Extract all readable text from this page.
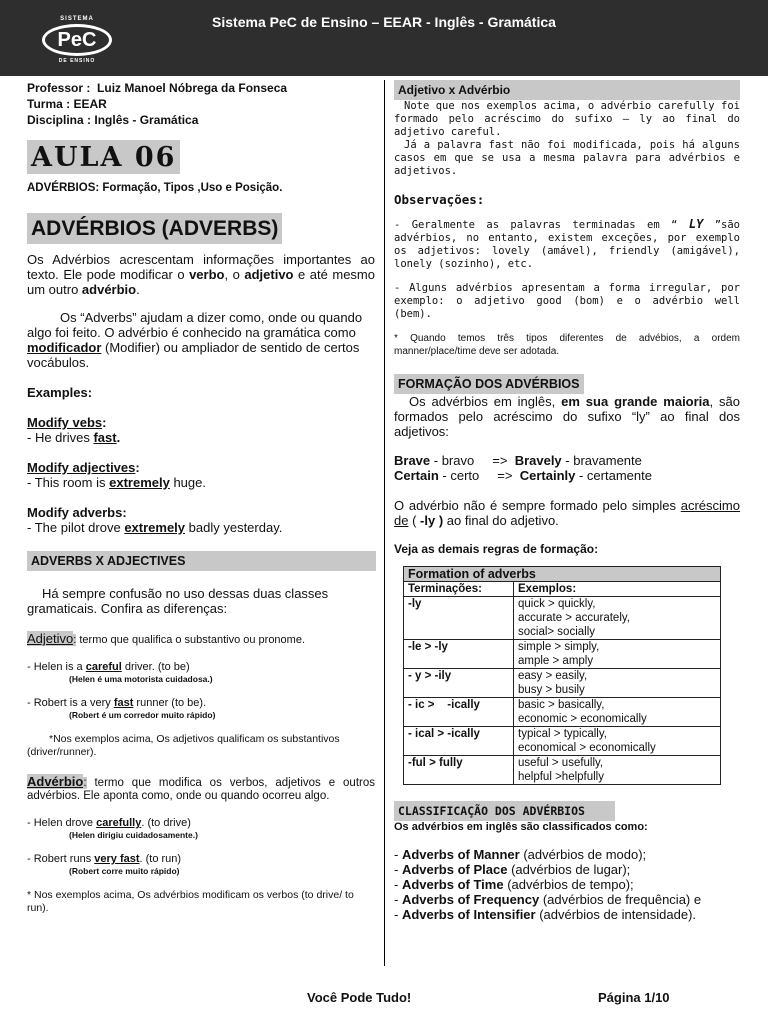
SISTEMA
PeC
DE ENSINO
Sistema PeC de Ensino – EEAR - Inglês - Gramática
Professor : Luiz Manoel Nóbrega da Fonseca
Turma : EEAR
Disciplina : Inglês - Gramática
AULA 06
ADVÉRBIOS: Formação, Tipos ,Uso e Posição.
ADVÉRBIOS (ADVERBS)

Os Advérbios acrescentam informações importantes ao texto. Ele pode modificar o verbo, o adjetivo e até mesmo um outro advérbio.

Os “Adverbs” ajudam a dizer como, onde ou quando algo foi feito. O advérbio é conhecido na gramática como modificador (Modifier) ou ampliador de sentido de certos vocábulos.

Examples:

Modify vebs:

- He drives fast.

Modify adjectives:

- This room is extremely huge.

Modify adverbs:

- The pilot drove extremely badly yesterday.

ADVERBS X ADJECTIVES

Há sempre confusão no uso dessas duas classes gramaticais. Confira as diferenças:

Adjetivo: termo que qualifica o substantivo ou pronome.

- Helen is a careful driver. (to be)

(Helen é uma motorista cuidadosa.)

- Robert is a very fast runner (to be).

(Robert é um corredor muito rápido)

*Nos exemplos acima, Os adjetivos qualificam os substantivos (driver/runner).

Advérbio: termo que modifica os verbos, adjetivos e outros advérbios. Ele aponta como, onde ou quando ocorreu algo.

- Helen drove carefully. (to drive)

(Helen dirigiu cuidadosamente.)

- Robert runs very fast. (to run)

(Robert corre muito rápido)

* Nos exemplos acima, Os advérbios modificam os verbos (to drive/ to run).

Adjetivo x Advérbio

Note que nos exemplos acima, o advérbio carefully foi formado pelo acréscimo do sufixo – ly ao final do adjetivo careful.

Já a palavra fast não foi modificada, pois há alguns casos em que se usa a mesma palavra para advérbios e adjetivos.

Observações:

- Geralmente as palavras terminadas em “ LY ”são advérbios, no entanto, existem exceções, por exemplo os adjetivos: lovely (amável), friendly (amigável), lonely (sozinho), etc.

- Alguns advérbios apresentam a forma irregular, por exemplo: o adjetivo good (bom) e o advérbio well (bem).

* Quando temos três tipos diferentes de advébios, a ordem manner/place/time deve ser adotada.

FORMAÇÃO DOS ADVÉRBIOS

Os advérbios em inglês, em sua grande maioria, são formados pelo acréscimo do sufixo “ly” ao final dos adjetivos:

Brave - bravo     =>  Bravely - bravamente

Certain - certo     =>  Certainly - certamente

O advérbio não é sempre formado pelo simples acréscimo de ( -ly ) ao final do adjetivo.

Veja as demais regras de formação:

Formation of adverbs	
Terminações:	Exemplos:
-ly	quick > quickly,
accurate > accurately,
social> socially

-le > -ly	simple > simply,
ample > amply

- y > -ily	easy > easily,
busy > busily

- ic >    -ically	basic > basically,
economic > economically

- ical > -ically	typical > typically,
economical > economically

-ful > fully	useful > usefully,
helpful >helpfully
CLASSIFICAÇÃO DOS ADVÉRBIOS

Os advérbios em inglês são classificados como:

- Adverbs of Manner (advérbios de modo);
- Adverbs of Place (advérbios de lugar);
- Adverbs of Time (advérbios de tempo);
- Adverbs of Frequency (advérbios de frequência) e
- Adverbs of Intensifier (advérbios de intensidade).
Você Pode Tudo!	Página 1/10
